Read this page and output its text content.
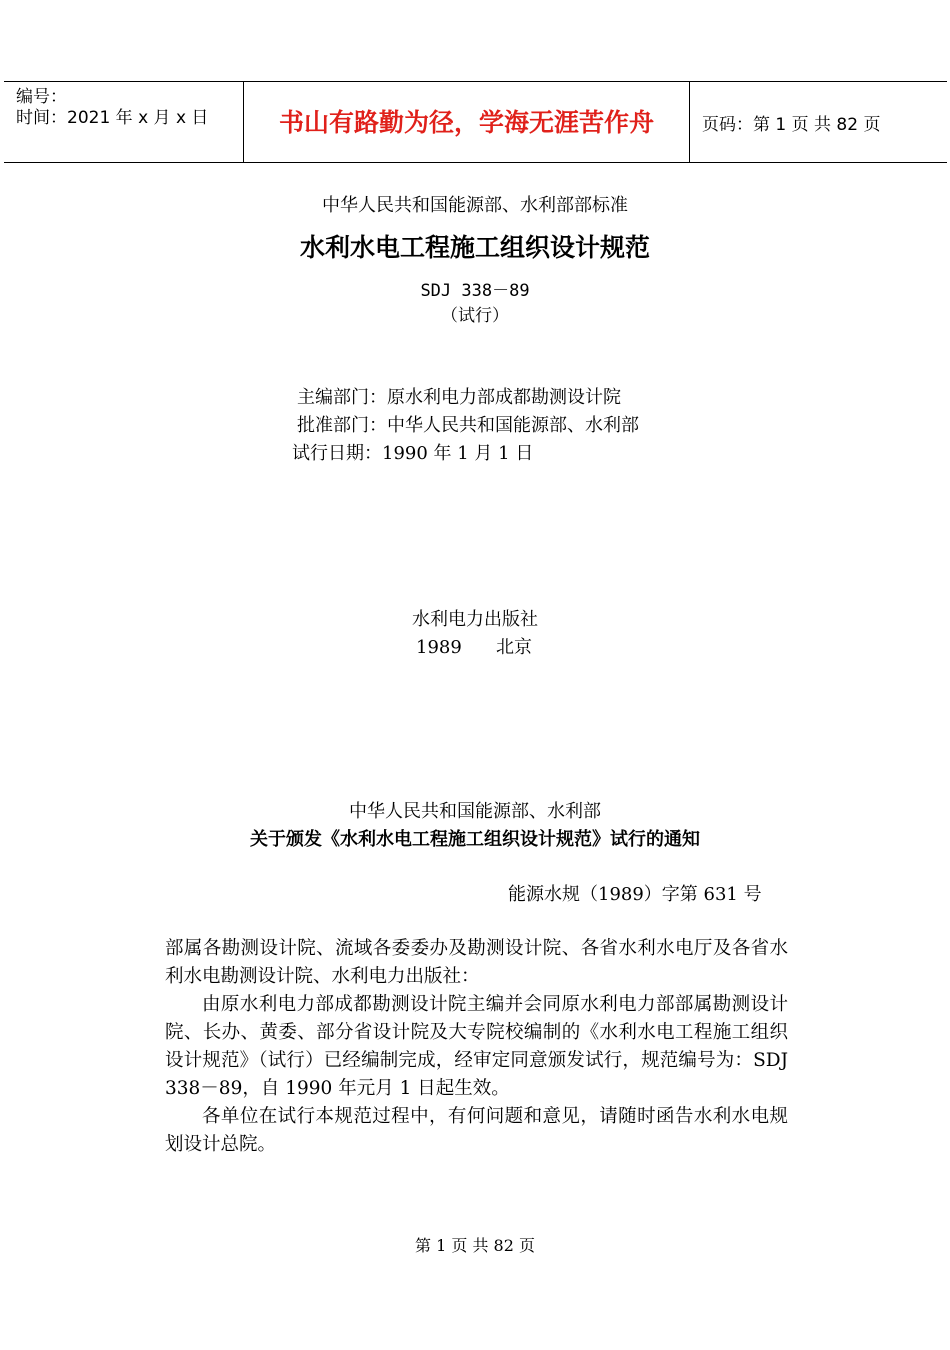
编号：
时间：2021 年 x 月 x 日	书山有路勤为径，学海无涯苦作舟	页码：第 1 页 共 82 页
中华人民共和国能源部、水利部部标准
水利水电工程施工组织设计规范
SDJ 338－89
（试行）
主编部门：原水利电力部成都勘测设计院
批准部门：中华人民共和国能源部、水利部
试行日期：1990 年 1 月 1 日
水利电力出版社
1989 北京
中华人民共和国能源部、水利部
关于颁发《水利水电工程施工组织设计规范》试行的通知
能源水规（1989）字第 631 号
部属各勘测设计院、流域各委委办及勘测设计院、各省水利水电厅及各省水利水电勘测设计院、水利电力出版社：
由原水利电力部成都勘测设计院主编并会同原水利电力部部属勘测设计院、长办、黄委、部分省设计院及大专院校编制的《水利水电工程施工组织设计规范》（试行）已经编制完成，经审定同意颁发试行，规范编号为：SDJ 338－89，自 1990 年元月 1 日起生效。
各单位在试行本规范过程中，有何问题和意见，请随时函告水利水电规划设计总院。
第 1 页 共 82 页
